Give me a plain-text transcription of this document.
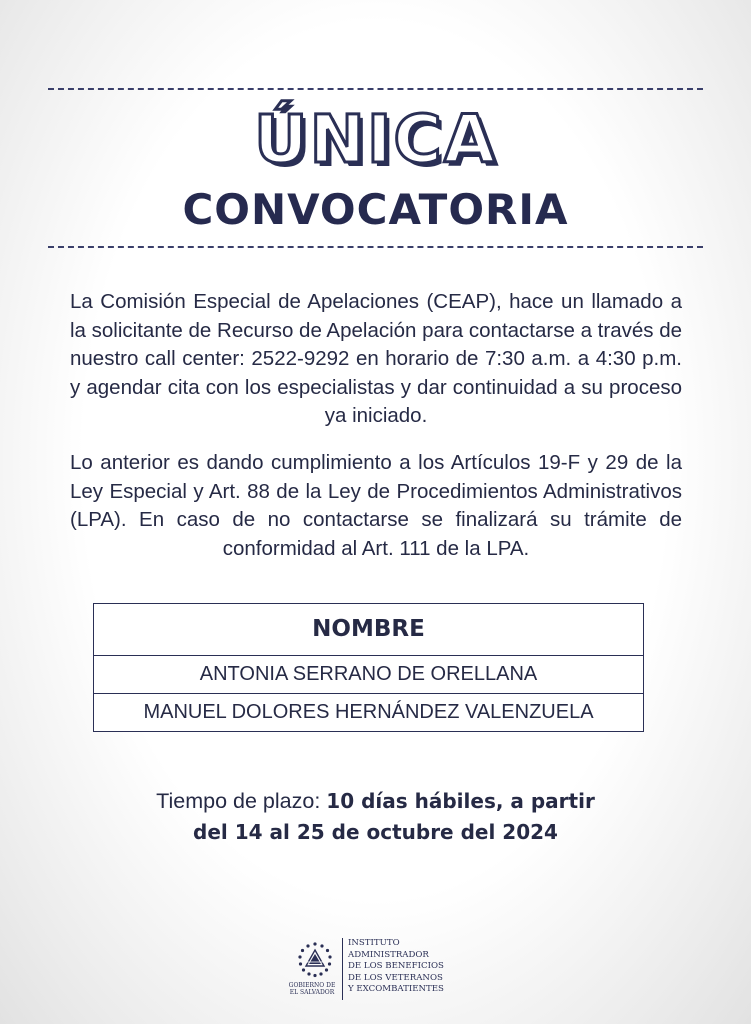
ÚNICA
CONVOCATORIA

La Comisión Especial de Apelaciones (CEAP), hace un llamado a la solicitante de Recurso de Apelación para contactarse a través de nuestro call center: 2522-9292 en horario de 7:30 a.m. a 4:30 p.m. y agendar cita con los especialistas y dar continuidad a su proceso ya iniciado.

Lo anterior es dando cumplimiento a los Artículos 19-F y 29 de la Ley Especial y Art. 88 de la Ley de Procedimientos Administrativos (LPA). En caso de no contactarse se finalizará su trámite de conformidad al Art. 111 de la LPA.

NOMBRE
ANTONIA SERRANO DE ORELLANA
MANUEL DOLORES HERNÁNDEZ VALENZUELA
Tiempo de plazo: 10 días hábiles, a partir
del 14 al 25 de octubre del 2024
GOBIERNO DE
EL SALVADOR
INSTITUTO
ADMINISTRADOR
DE LOS BENEFICIOS
DE LOS VETERANOS
Y EXCOMBATIENTES
